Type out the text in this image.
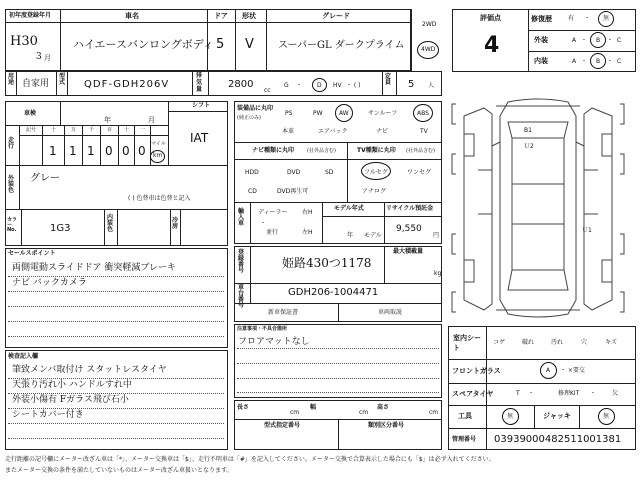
初年度登録年月
H30
3 月
車名
ハイエースバンロングボディ
ドア
5
形状
V
グレード
スーパーGL ダークプライム
2WD
4WD
用途 自家用
型式 QDF-GDH206V
排気量	2800
cc
G ・ D HV ・ ( )
定員 5 人
評価点
4
修復歴	有 ・ 無
外装	A ・ B ・ C
内装	A ・ B ・ C
シフト
IAT
車検
年	月
走行
記号	十	万	千	百 十 一
1 1 1 0 0 0 マイル
km
外装色
グレー
( ) 色替車は色替と記入
カラーNo.	1G3
内装色
冷房
装備品に丸印
(純正のみ)
PS	PW	AW	サンルーフ	ABS
本革	エアバック	ナビ	TV
ナビ種類に丸印	(社外品含む)
HDD	DVD	SD
CD	DVD再生可
TV種類に丸印 (社外品含む)
フルセグ	ワンセグ
アナログ
輸入車
ディーラー
並行
・
右H
左H
モデル年式
年 モデル
リサイクル預託金
9,550
円
セールスポイント
両側電動スライドドア 衝突軽減ブレーキ
ナビ バックカメラ
検査記入欄
筆致メンバ取付け スタットレスタイヤ
天張り汚れ小 ハンドルすれ中
外装小傷有 Fガラス飛び石小
シートカバー付き
登録番号
姫路430つ1178
最大積載量
kg
車台番号
GDH206-1004471
新車保証書	車両取説
注意事項・不具合箇所
フロアマットなし
長さ
cm
幅
cm
高さ
cm
型式指定番号	類別区分番号
B1
Ｕ2
Ｕ1
室内シート
コゲ	破れ	汚れ	穴	キズ
フロントガラス	A ・ ×要交
スペアタイヤ	T ・	修理KIT ・	欠
工具	無	ジャッキ	無
管理番号 03939000482511001381
走行距離の記号欄にメーター改ざん車は「*」、メーター交換車は「$」、走行不明車は「#」を記入してください。メーター交換で合算表示した場合にも「$」は必ず入れてください。
またメーター交換の条件を満たしていないものはメーター改ざん車扱いとなります。
